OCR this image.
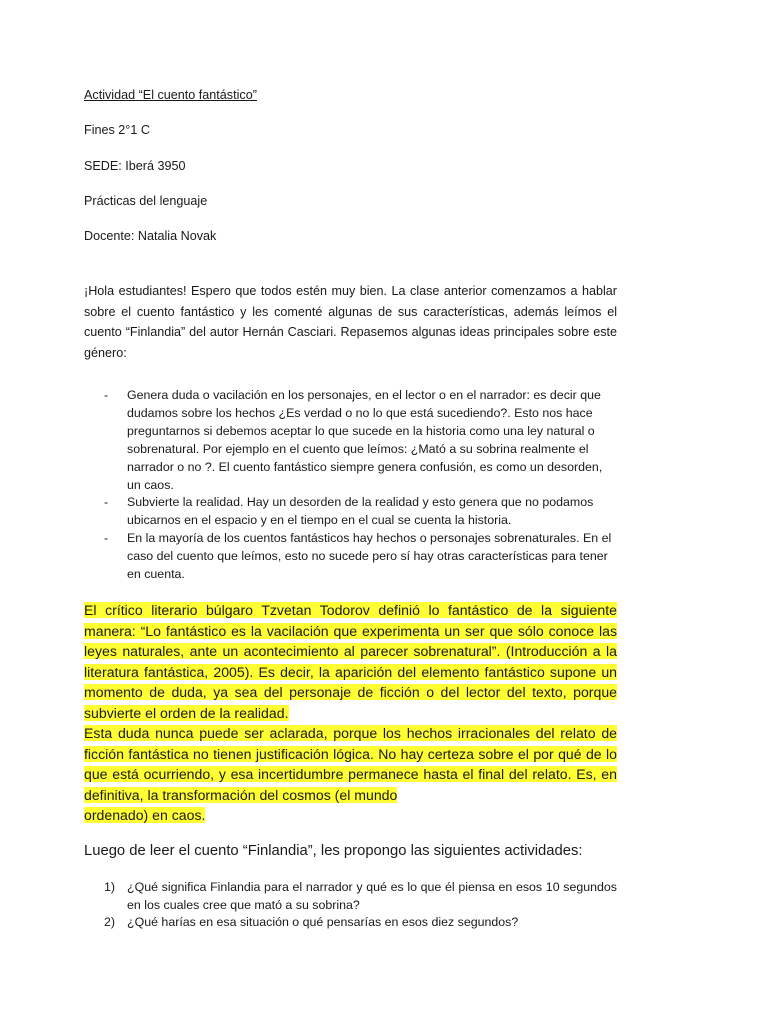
Actividad “El cuento fantástico”

Fines 2°1 C

SEDE: Iberá 3950

Prácticas del lenguaje

Docente: Natalia Novak

¡Hola estudiantes! Espero que todos estén muy bien. La clase anterior comenzamos a hablar sobre el cuento fantástico y les comenté algunas de sus características, además leímos el cuento “Finlandia” del autor Hernán Casciari. Repasemos algunas ideas principales sobre este género:

- Genera duda o vacilación en los personajes, en el lector o en el narrador: es decir que dudamos sobre los hechos ¿Es verdad o no lo que está sucediendo?. Esto nos hace preguntarnos si debemos aceptar lo que sucede en la historia como una ley natural o sobrenatural. Por ejemplo en el cuento que leímos: ¿Mató a su sobrina realmente el narrador o no ?. El cuento fantástico siempre genera confusión, es como un desorden, un caos.
- Subvierte la realidad. Hay un desorden de la realidad y esto genera que no podamos ubicarnos en el espacio y en el tiempo en el cual se cuenta la historia.
- En la mayoría de los cuentos fantásticos hay hechos o personajes sobrenaturales. En el caso del cuento que leímos, esto no sucede pero sí hay otras características para tener en cuenta.

El crítico literario búlgaro Tzvetan Todorov definió lo fantástico de la siguiente manera: “Lo fantástico es la vacilación que experimenta un ser que sólo conoce las leyes naturales, ante un acontecimiento al parecer sobrenatural”. (Introducción a la literatura fantástica, 2005). Es decir, la aparición del elemento fantástico supone un momento de duda, ya sea del personaje de ficción o del lector del texto, porque subvierte el orden de la realidad.

Esta duda nunca puede ser aclarada, porque los hechos irracionales del relato de ficción fantástica no tienen justificación lógica. No hay certeza sobre el por qué de lo que está ocurriendo, y esa incertidumbre permanece hasta el final del relato. Es, en definitiva, la transformación del cosmos (el mundo

ordenado) en caos.

Luego de leer el cuento “Finlandia”, les propongo las siguientes actividades:

1) ¿Qué significa Finlandia para el narrador y qué es lo que él piensa en esos 10 segundos en los cuales cree que mató a su sobrina?
2) ¿Qué harías en esa situación o qué pensarías en esos diez segundos?
